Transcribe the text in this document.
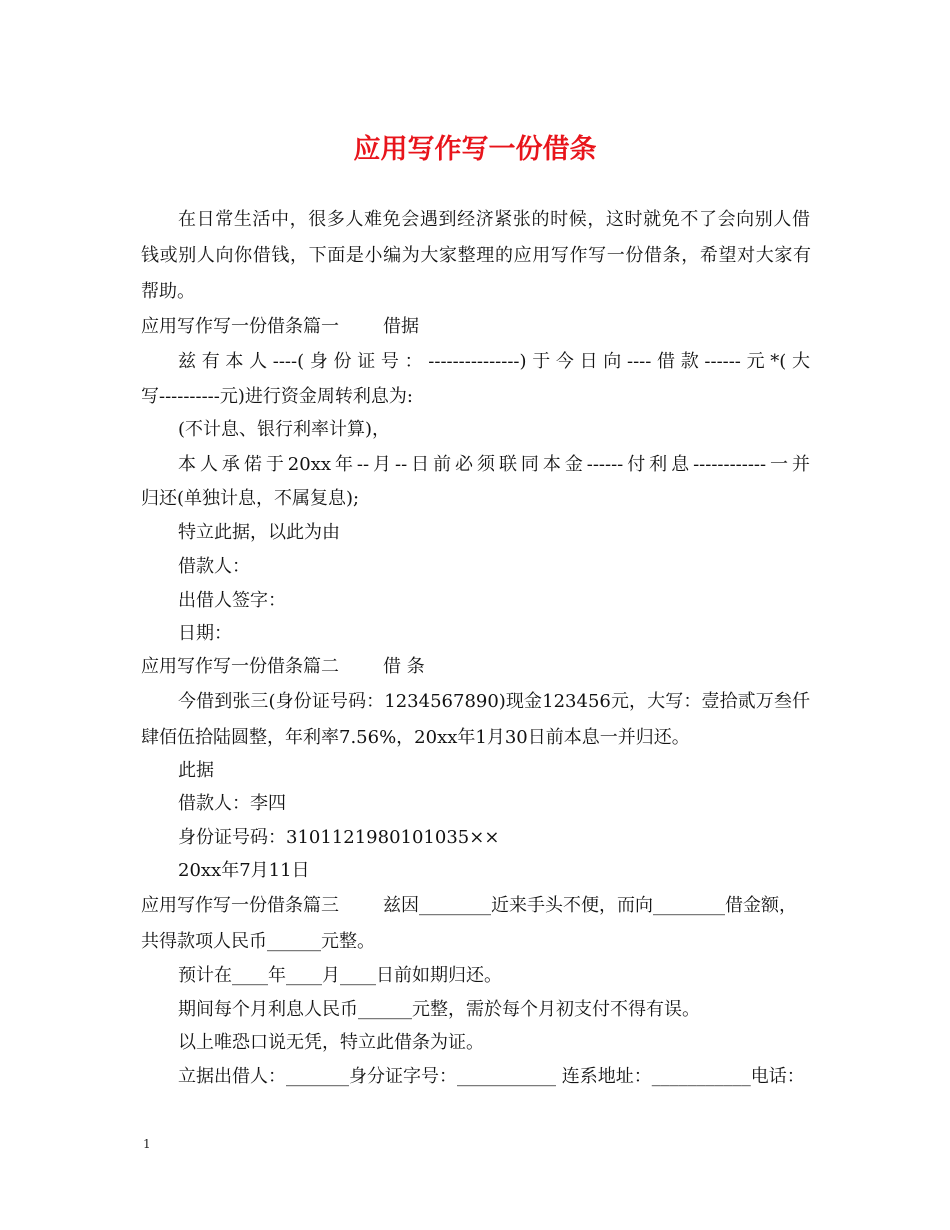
应用写作写一份借条
在日常生活中，很多人难免会遇到经济紧张的时候，这时就免不了会向别人借
钱或别人向你借钱，下面是小编为大家整理的应用写作写一份借条，希望对大家有
帮助。
应用写作写一份借条篇一 借据
兹有本人----(身份证号：---------------)于今日向----借款------元*(大
写----------元)进行资金周转利息为:
(不计息、银行利率计算)，
本人承偌于20xx年--月--日前必须联同本金------付利息------------一并
归还(单独计息，不属复息);
特立此据，以此为由
借款人：
出借人签字：
日期：
应用写作写一份借条篇二 借 条
今借到张三(身份证号码：1234567890)现金123456元，大写：壹拾贰万叁仟
肆佰伍拾陆圆整，年利率7.56%，20xx年1月30日前本息一并归还。
此据
借款人：李四
身份证号码：3101121980101035××
20xx年7月11日
应用写作写一份借条篇三 兹因________近来手头不便，而向________借金额，
共得款项人民币______元整。
预计在____年____月____日前如期归还。
期间每个月利息人民币______元整，需於每个月初支付不得有误。
以上唯恐口说无凭，特立此借条为证。
立据出借人：_______身分证字号：___________ 连系地址：___________电话：
1
